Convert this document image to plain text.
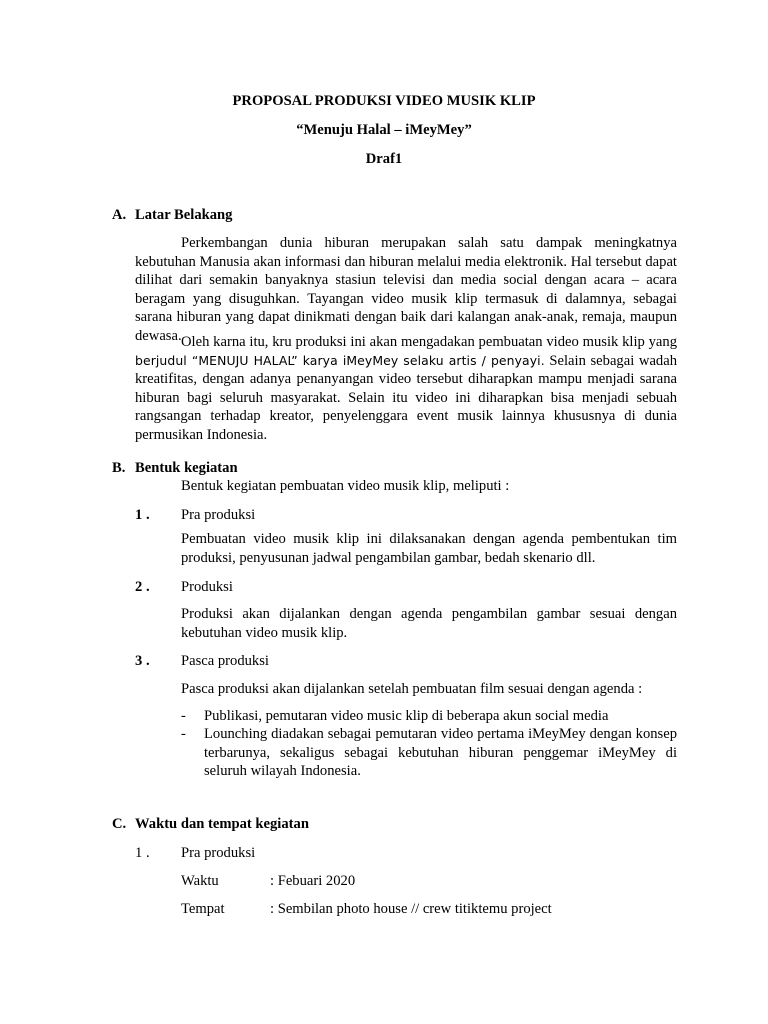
PROPOSAL PRODUKSI VIDEO MUSIK KLIP
“Menuju Halal – iMeyMey”
Draf1
A. Latar Belakang
Perkembangan dunia hiburan merupakan salah satu dampak meningkatnya kebutuhan Manusia akan informasi dan hiburan melalui media elektronik. Hal tersebut dapat dilihat dari semakin banyaknya stasiun televisi dan media social dengan acara – acara beragam yang disuguhkan. Tayangan video musik klip termasuk di dalamnya, sebagai sarana hiburan yang dapat dinikmati dengan baik dari kalangan anak-anak, remaja, maupun dewasa. Oleh karna itu, kru produksi ini akan mengadakan pembuatan video musik klip yang berjudul “MENUJU HALAL” karya iMeyMey selaku artis / penyayi. Selain sebagai wadah kreatifitas, dengan adanya penanyangan video tersebut diharapkan mampu menjadi sarana hiburan bagi seluruh masyarakat. Selain itu video ini diharapkan bisa menjadi sebuah rangsangan terhadap kreator, penyelenggara event musik lainnya khususnya di dunia permusikan Indonesia.
B. Bentuk kegiatan
Bentuk kegiatan pembuatan video musik klip, meliputi :
1 . Pra produksi
Pembuatan video musik klip ini dilaksanakan dengan agenda pembentukan tim produksi, penyusunan jadwal pengambilan gambar, bedah skenario dll.
2 . Produksi
Produksi akan dijalankan dengan agenda pengambilan gambar sesuai dengan kebutuhan video musik klip.
3 . Pasca produksi
Pasca produksi akan dijalankan setelah pembuatan film sesuai dengan agenda :
- Publikasi, pemutaran video music klip di beberapa akun social media
- Lounching diadakan sebagai pemutaran video pertama iMeyMey dengan konsep terbarunya, sekaligus sebagai kebutuhan hiburan penggemar iMeyMey di seluruh wilayah Indonesia.
C. Waktu dan tempat kegiatan
1 . Pra produksi
Waktu	: Febuari 2020
Tempat	: Sembilan photo house // crew titiktemu project
